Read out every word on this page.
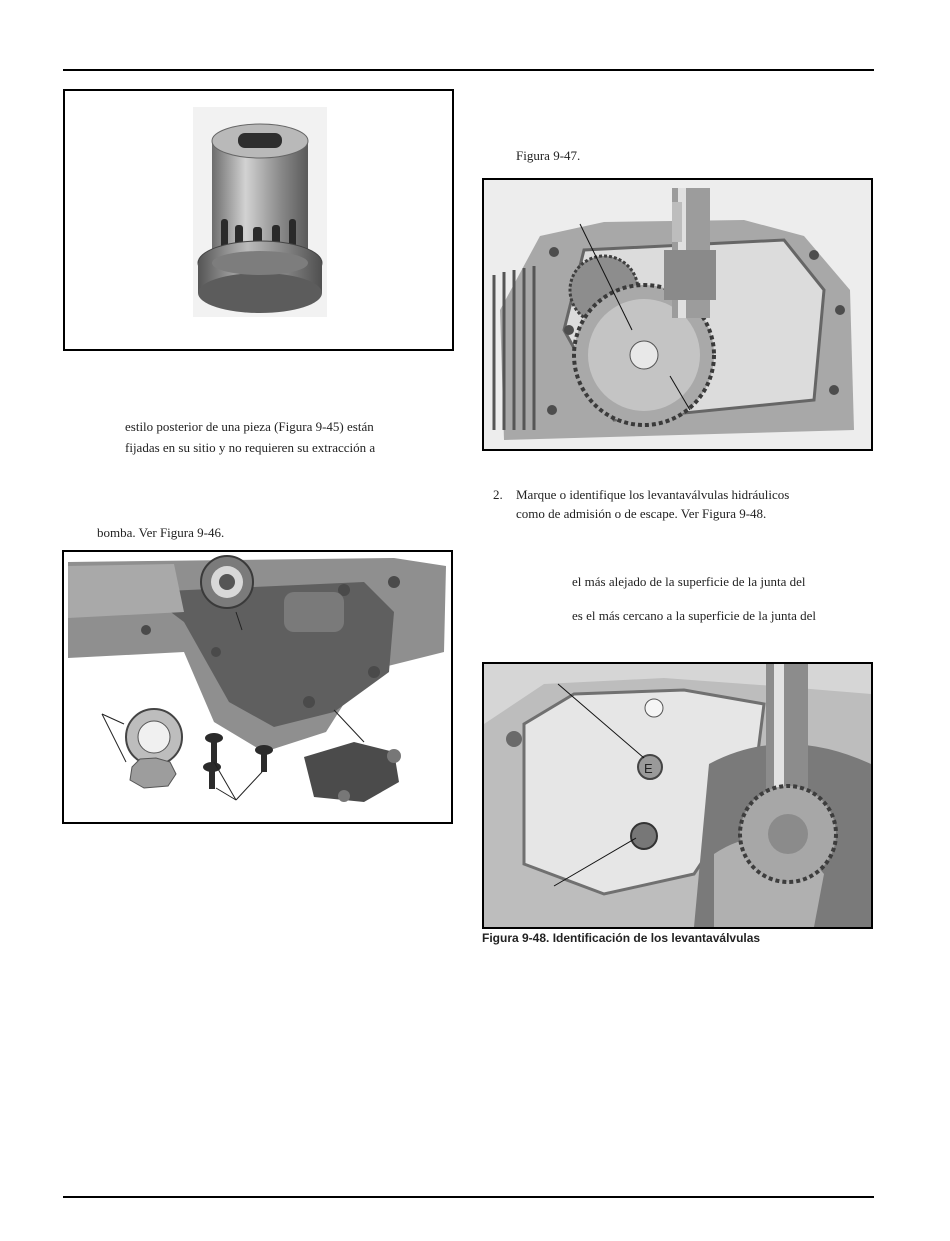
estilo posterior de una pieza (Figura 9-45) están
fijadas en su sitio y no requieren su extracción a
bomba. Ver Figura 9-46.
Figura 9-47.
2. Marque o identifique los levantaválvulas hidráulicos
como de admisión o de escape. Ver Figura 9-48.
el más alejado de la superficie de la junta del
es el más cercano a la superficie de la junta del
E
Figura 9-48. Identificación de los levantaválvulas
